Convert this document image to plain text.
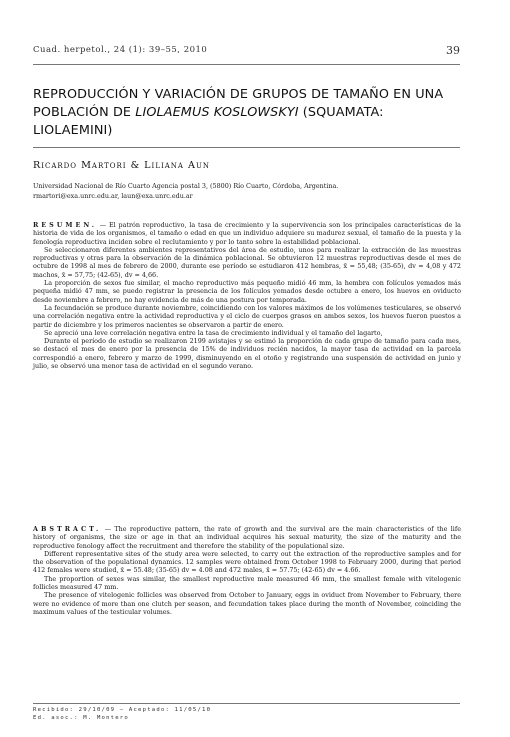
Cuad. herpetol., 24 (1): 39–55, 2010	39
REPRODUCCIÓN Y VARIACIÓN DE GRUPOS DE TAMAÑO EN UNA POBLACIÓN DE LIOLAEMUS KOSLOWSKYI (SQUAMATA: LIOLAEMINI)
Ricardo Martori & Liliana Aun
Universidad Nacional de Río Cuarto Agencia postal 3, (5800) Río Cuarto, Córdoba, Argentina.
rmartori@exa.unrc.edu.ar, laun@exa.unrc.edu.ar

RESUMEN. — El patrón reproductivo, la tasa de crecimiento y la supervivencia son los principales características de la historia de vida de los organismos, el tamaño o edad en que un individuo adquiere su madurez sexual, el tamaño de la puesta y la fenología reproductiva inciden sobre el reclutamiento y por lo tanto sobre la estabilidad poblacional.

Se seleccionaron diferentes ambientes representativos del área de estudio, unos para realizar la extracción de las muestras reproductivas y otras para la observación de la dinámica poblacional. Se obtuvieron 12 muestras reproductivas desde el mes de octubre de 1998 al mes de febrero de 2000, durante ese período se estudiaron 412 hembras, x̄ = 55,48; (35-65), dv = 4,08 y 472 machos, x̄ = 57,75; (42-65), dv = 4,66.

La proporción de sexos fue similar, el macho reproductivo más pequeño midió 46 mm, la hembra con folículos yemados más pequeña midió 47 mm, se puedo registrar la presencia de los folículos yemados desde octubre a enero, los huevos en oviducto desde noviembre a febrero, no hay evidencia de más de una postura por temporada.

La fecundación se produce durante noviembre, coincidiendo con los valores máximos de los volúmenes testiculares, se observó una correlación negativa entre la actividad reproductiva y el ciclo de cuerpos grasos en ambos sexos, los huevos fueron puestos a partir de diciembre y los primeros nacientes se observaron a partir de enero.

Se apreció una leve correlación negativa entre la tasa de crecimiento individual y el tamaño del lagarto,

Durante el período de estudio se realizaron 2199 avistajes y se estimó la proporción de cada grupo de tamaño para cada mes, se destacó el mes de enero por la presencia de 15% de individuos recién nacidos, la mayor tasa de actividad en la parcela correspondió a enero, febrero y marzo de 1999, disminuyendo en el otoño y registrando una suspensión de actividad en junio y julio, se observó una menor tasa de actividad en el segundo verano.

ABSTRACT. — The reproductive pattern, the rate of growth and the survival are the main characteristics of the life history of organisms, the size or age in that an individual acquires his sexual maturity, the size of the maturity and the reproductive fenology affect the recruitment and therefore the stability of the populational size.

Different representative sites of the study area were selected, to carry out the extraction of the reproductive samples and for the observation of the populational dynamics. 12 samples were obtained from October 1998 to February 2000, during that period 412 females were studied, x̄ = 55.48; (35-65) dv = 4.08 and 472 males, x̄ = 57.75; (42-65) dv = 4.66.

The proportion of sexes was similar, the smallest reproductive male measured 46 mm, the smallest female with vitelogenic follicles measured 47 mm.

The presence of vitelogenic follicles was observed from October to January, eggs in oviduct from November to February, there were no evidence of more than one clutch per season, and fecundation takes place during the month of November, coinciding the maximum values of the testicular volumes.

Recibido: 29/10/09 — Aceptado: 11/05/10
Ed. asoc.: M. Montero
